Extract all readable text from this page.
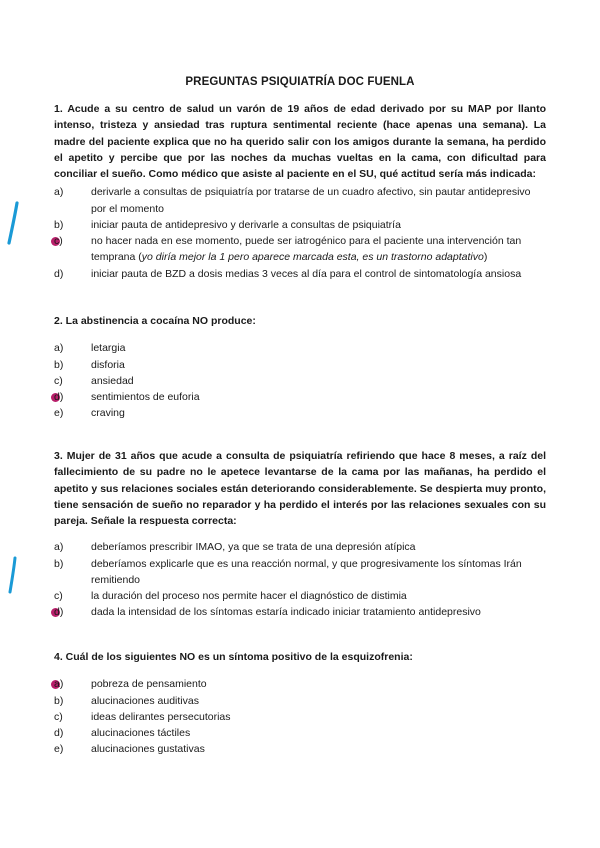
PREGUNTAS PSIQUIATRÍA DOC FUENLA

1. Acude a su centro de salud un varón de 19 años de edad derivado por su MAP por llanto intenso, tristeza y ansiedad tras ruptura sentimental reciente (hace apenas una semana). La madre del paciente explica que no ha querido salir con los amigos durante la semana, ha perdido el apetito y percibe que por las noches da muchas vueltas en la cama, con dificultad para conciliar el sueño. Como médico que asiste al paciente en el SU, qué actitud sería más indicada:

a)	derivarle a consultas de psiquiatría por tratarse de un cuadro afectivo, sin pautar antidepresivo por el momento
b)	iniciar pauta de antidepresivo y derivarle a consultas de psiquiatría
c)	no hacer nada en ese momento, puede ser iatrogénico para el paciente una intervención tan temprana (yo diría mejor la 1 pero aparece marcada esta, es un trastorno adaptativo)
d)	iniciar pauta de BZD a dosis medias 3 veces al día para el control de sintomatología ansiosa

2. La abstinencia a cocaína NO produce:

a)	letargia
b)	disforia
c)	ansiedad
d)	sentimientos de euforia
e)	craving

3. Mujer de 31 años que acude a consulta de psiquiatría refiriendo que hace 8 meses, a raíz del fallecimiento de su padre no le apetece levantarse de la cama por las mañanas, ha perdido el apetito y sus relaciones sociales están deteriorando considerablemente. Se despierta muy pronto, tiene sensación de sueño no reparador y ha perdido el interés por las relaciones sexuales con su pareja. Señale la respuesta correcta:

a)	deberíamos prescribir IMAO, ya que se trata de una depresión atípica
b)	deberíamos explicarle que es una reacción normal, y que progresivamente los síntomas Irán remitiendo
c)	la duración del proceso nos permite hacer el diagnóstico de distimia
d)	dada la intensidad de los síntomas estaría indicado iniciar tratamiento antidepresivo

4. Cuál de los siguientes NO es un síntoma positivo de la esquizofrenia:

a)	pobreza de pensamiento
b)	alucinaciones auditivas
c)	ideas delirantes persecutorias
d)	alucinaciones táctiles
e)	alucinaciones gustativas
